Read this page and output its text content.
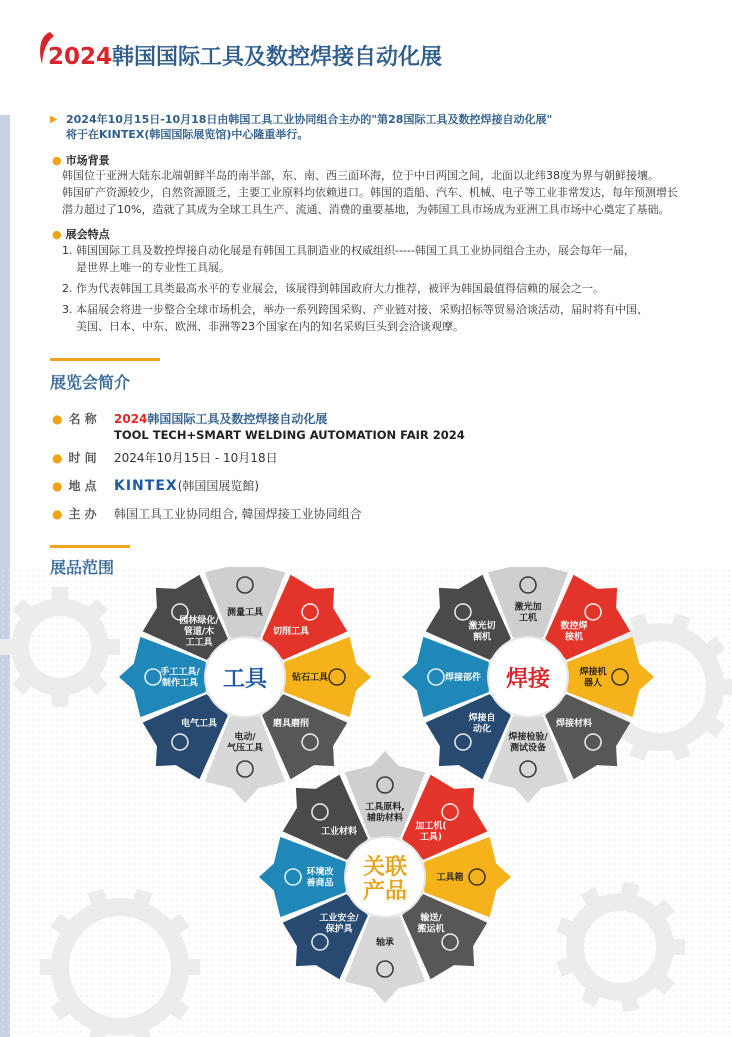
2024韩国国际工具及数控焊接自动化展
▶ 2024年10月15日-10月18日由韩国工具工业协同组合主办的"第28国际工具及数控焊接自动化展"
将于在KINTEX(韩国国际展览馆)中心隆重举行。
● 市场背景
韩国位于亚洲大陆东北端朝鲜半岛的南半部，东、南、西三面环海，位于中日两国之间，北面以北纬38度为界与朝鲜接壤。
韩国矿产资源较少，自然资源匮乏，主要工业原料均依赖进口。韩国的造船、汽车、机械、电子等工业非常发达，每年预测增长
潜力超过了10%，造就了其成为全球工具生产、流通、消费的重要基地，为韩国工具市场成为亚洲工具市场中心奠定了基础。
● 展会特点
1. 韩国国际工具及数控焊接自动化展是有韩国工具制造业的权威组织-----韩国工具工业协同组合主办，展会每年一届，
是世界上唯一的专业性工具展。
2. 作为代表韩国工具类最高水平的专业展会，该展得到韩国政府大力推荐，被评为韩国最值得信赖的展会之一。
3. 本届展会将进一步整合全球市场机会，举办一系列跨国采购、产业链对接、采购招标等贸易洽谈活动，届时将有中国、
美国、日本、中东、欧洲、非洲等23个国家在内的知名采购巨头到会洽谈观摩。
展览会简介
● 名 称 2024韩国国际工具及数控焊接自动化展
TOOL TECH+SMART WELDING AUTOMATION FAIR 2024
● 时 间 2024年10月15日 - 10月18日
● 地 点 KINTEX(韩国国展览館)
● 主 办 韩国工具工业协同组合, 韓国焊接工业协同组合
测量工具
切削工具
钻石工具
磨具磨削
电动/气压工具
电气工具
手工工具/制作工具
园林绿化/管道/木工工具
工具
激光加工机
数控焊接机
焊接机器人
焊接材料
焊接检验/测试设备
焊接自动化
焊接部件
激光切割机
焊接
工具原料,辅助材料
加工机(工具)
工具箱
输送/搬运机
轴承
工业安全/保护具
环境改善商品
工业材料
关联
产品
